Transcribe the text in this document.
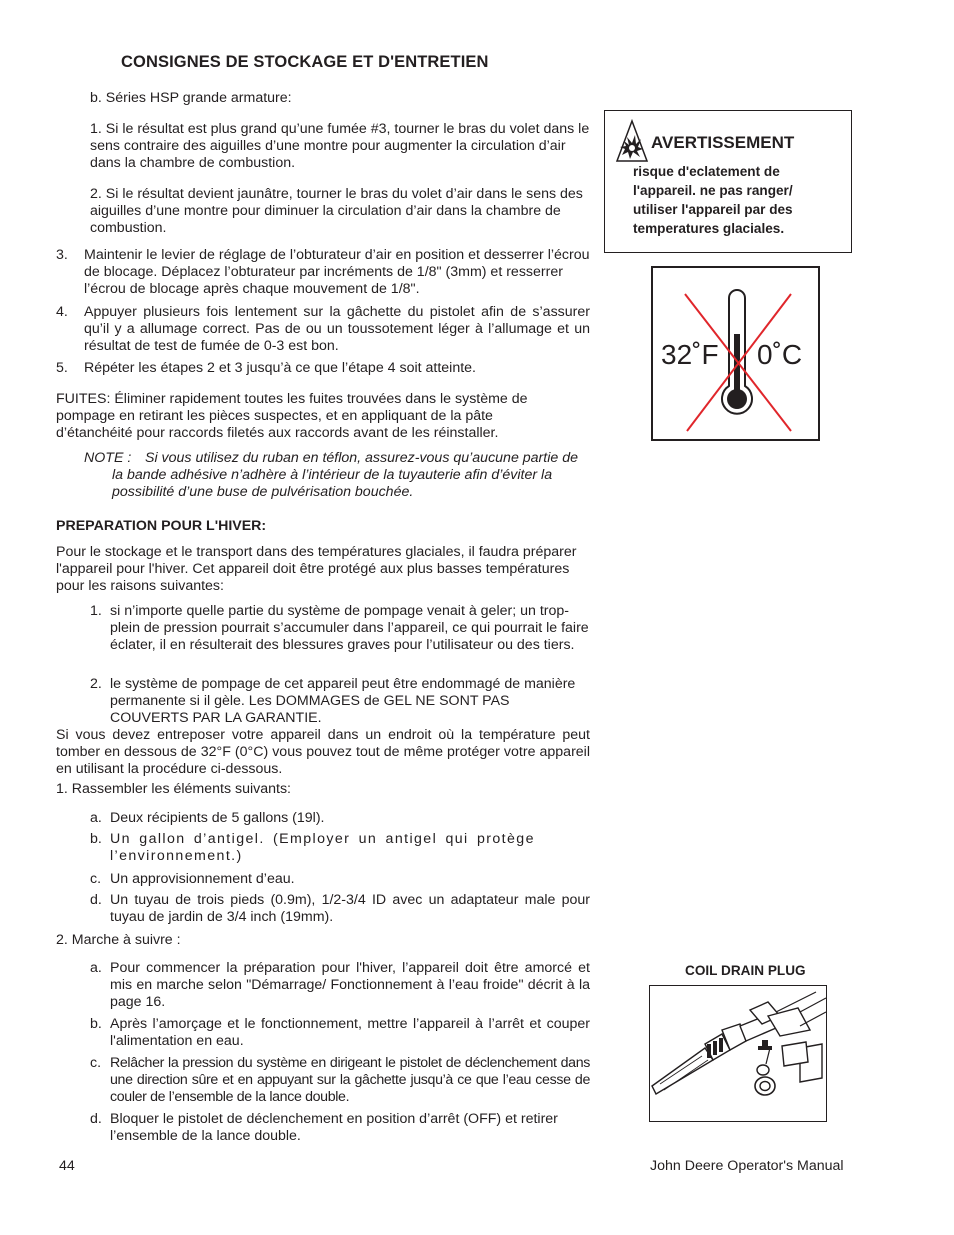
CONSIGNES DE STOCKAGE ET D'ENTRETIEN
b. Séries HSP grande armature:
1. Si le résultat est plus grand qu’une fumée #3, tourner le bras du volet dans le sens contraire des aiguilles d’une montre pour augmenter la circulation d’air dans la chambre de combustion.
2. Si le résultat devient jaunâtre, tourner le bras du volet d’air dans le sens des aiguilles d’une montre pour diminuer la circulation d’air dans la chambre de combustion.
3. Maintenir le levier de réglage de l’obturateur d’air en position et desserrer l’écrou de blocage. Déplacez l’obturateur par incréments de 1/8" (3mm) et resserrer l’écrou de blocage après chaque mouvement de 1/8".
4. Appuyer plusieurs fois lentement sur la gâchette du pistolet afin de s’assurer qu’il y a allumage correct. Pas de ou un toussotement léger à l’allumage et un résultat de test de fumée de 0-3 est bon.
5. Répéter les étapes 2 et 3 jusqu’à ce que l’étape 4 soit atteinte.
FUITES: Éliminer rapidement toutes les fuites trouvées dans le système de pompage en retirant les pièces suspectes, et en appliquant de la pâte d’étanchéité pour raccords filetés aux raccords avant de les réinstaller.
NOTE : Si vous utilisez du ruban en téflon, assurez-vous qu’aucune partie de la bande adhésive n’adhère à l’intérieur de la tuyauterie afin d’éviter la possibilité d’une buse de pulvérisation bouchée.
PREPARATION POUR L'HIVER:
Pour le stockage et le transport dans des températures glaciales, il faudra préparer l'appareil pour l'hiver. Cet appareil doit être protégé aux plus basses températures pour les raisons suivantes:
1. si n’importe quelle partie du système de pompage venait à geler; un trop-plein de pression pourrait s’accumuler dans l’appareil, ce qui pourrait le faire éclater, il en résulterait des blessures graves pour l’utilisateur ou des tiers.
2. le système de pompage de cet appareil peut être endommagé de manière permanente si il gèle. Les DOMMAGES de GEL NE SONT PAS COUVERTS PAR LA GARANTIE.
Si vous devez entreposer votre appareil dans un endroit où la température peut tomber en dessous de 32°F (0°C) vous pouvez tout de même protéger votre appareil en utilisant la procédure ci-dessous.
1. Rassembler les éléments suivants:
a. Deux récipients de 5 gallons (19l).
b. Un gallon d’antigel. (Employer un antigel qui protège l’environnement.)
c. Un approvisionnement d’eau.
d. Un tuyau de trois pieds (0.9m), 1/2-3/4 ID avec un adaptateur male pour tuyau de jardin de 3/4 inch (19mm).
2. Marche à suivre :
a. Pour commencer la préparation pour l'hiver, l’appareil doit être amorcé et mis en marche selon "Démarrage/ Fonctionnement à l’eau froide" décrit à la page 16.
b. Après l’amorçage et le fonctionnement, mettre l’appareil à l’arrêt et couper l'alimentation en eau.
c. Relâcher la pression du système en dirigeant le pistolet de déclenchement dans une direction sûre et en appuyant sur la gâchette jusqu’à ce que l’eau cesse de couler de l’ensemble de la lance double.
d. Bloquer le pistolet de déclenchement en position d’arrêt (OFF) et retirer l’ensemble de la lance double.
AVERTISSEMENT
risque d'eclatement de
l'appareil. ne pas ranger/
utiliser l'appareil par des
temperatures glaciales.
32˚F 0˚C
COIL DRAIN PLUG
44	John Deere Operator's Manual
